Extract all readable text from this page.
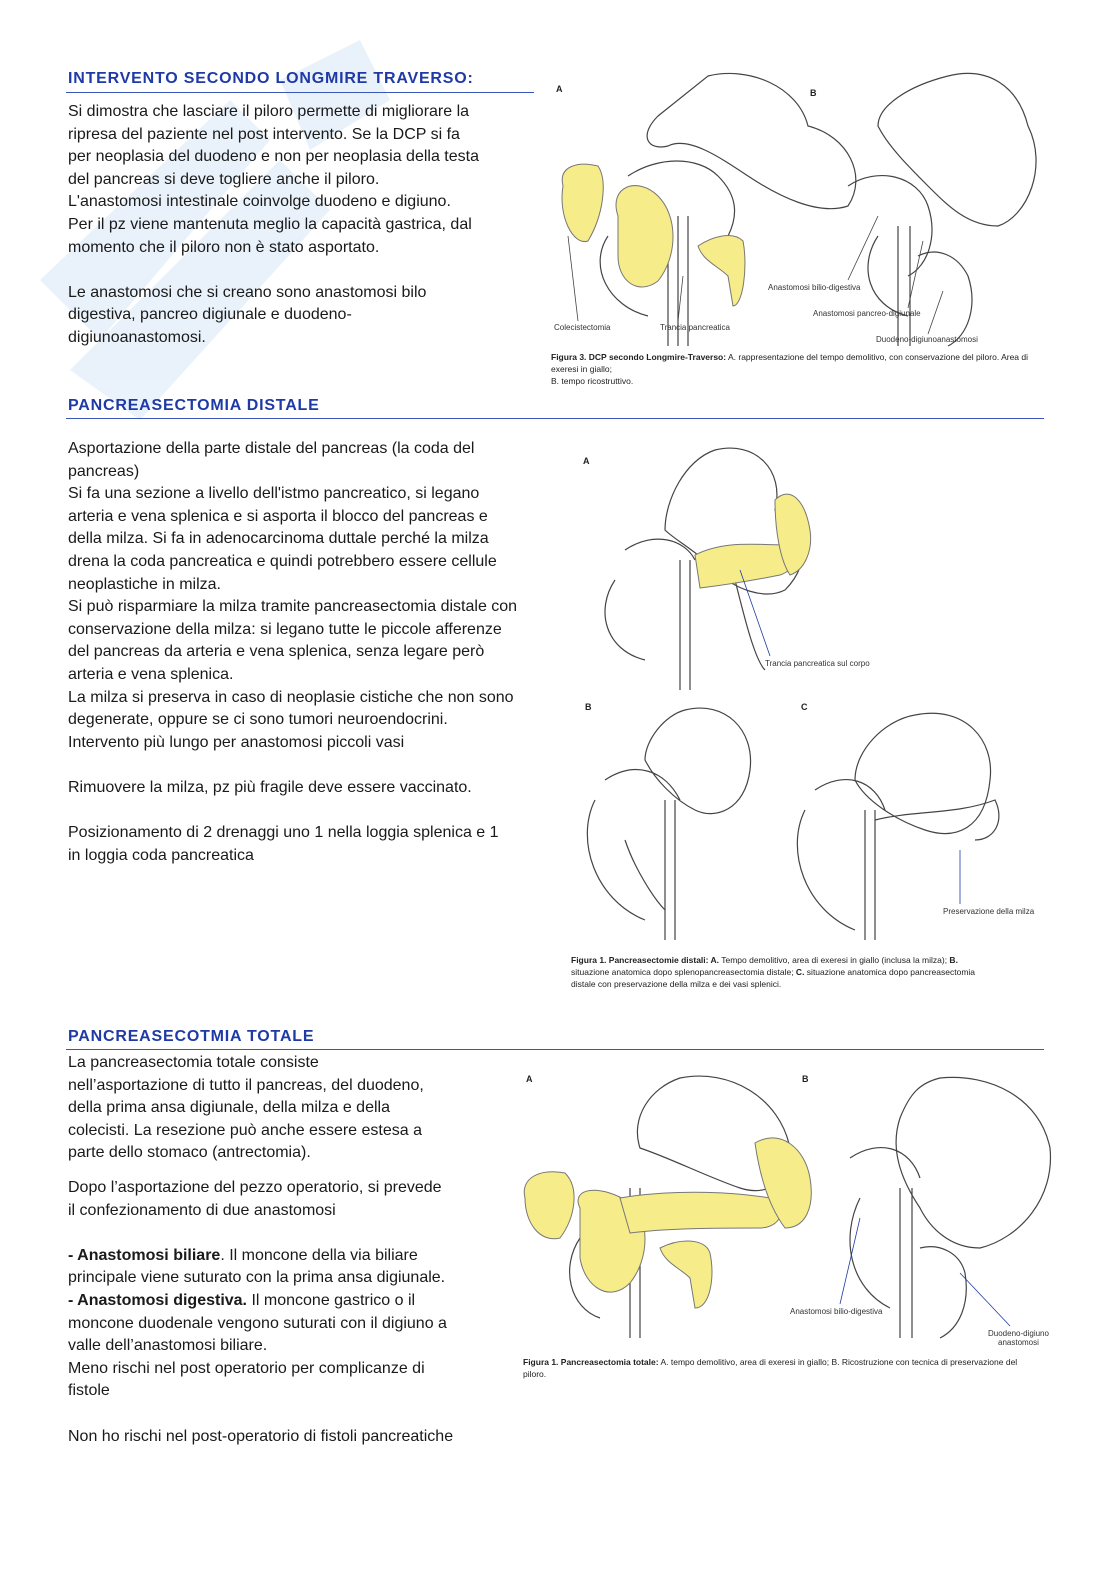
INTERVENTO SECONDO LONGMIRE TRAVERSO:

Si dimostra che lasciare il piloro permette di migliorare la

ripresa del paziente nel post intervento. Se la DCP si fa

per neoplasia del duodeno e non per neoplasia della testa

del pancreas si deve togliere anche il piloro.

L'anastomosi intestinale coinvolge duodeno e digiuno.

Per il pz viene mantenuta meglio la capacità gastrica, dal

momento che il piloro non è stato asportato.

Le anastomosi che si creano sono anastomosi bilo

digestiva, pancreo digiunale e duodeno-

digiunoanastomosi.

A
Colecistectomia	Trancia pancreatica
B
Anastomosi bilio-digestiva
Anastomosi pancreo-digiunale
Duodeno-digiunoanastomosi
Figura 3. DCP secondo Longmire-Traverso: A. rappresentazione del tempo demolitivo, con conservazione del piloro. Area di exeresi in giallo;
B. tempo ricostruttivo.
PANCREASECTOMIA DISTALE

Asportazione della parte distale del pancreas (la coda del

pancreas)

Si fa una sezione a livello dell'istmo pancreatico, si legano

arteria e vena splenica e si asporta il blocco del pancreas e

della milza. Si fa in adenocarcinoma duttale perché la milza

drena la coda pancreatica e quindi potrebbero essere cellule

neoplastiche in milza.

Si può risparmiare la milza tramite pancreasectomia distale con

conservazione della milza: si legano tutte le piccole afferenze

del pancreas da arteria e vena splenica, senza legare però

arteria e vena splenica.

La milza si preserva in caso di neoplasie cistiche che non sono

degenerate, oppure se ci sono tumori neuroendocrini.

Intervento più lungo per anastomosi piccoli vasi

Rimuovere la milza, pz più fragile deve essere vaccinato.

Posizionamento di 2 drenaggi uno 1 nella loggia splenica e 1

in loggia coda pancreatica

A
Trancia pancreatica sul corpo
B	C
Preservazione della milza
Figura 1. Pancreasectomie distali: A. Tempo demolitivo, area di exeresi in giallo (inclusa la milza); B.
situazione anatomica dopo splenopancreasectomia distale; C. situazione anatomica dopo pancreasectomia
distale con preservazione della milza e dei vasi splenici.
PANCREASECOTMIA TOTALE

La pancreasectomia totale consiste

nell’asportazione di tutto il pancreas, del duodeno,

della prima ansa digiunale, della milza e della

colecisti. La resezione può anche essere estesa a

parte dello stomaco (antrectomia).

Dopo l’asportazione del pezzo operatorio, si prevede

il confezionamento di due anastomosi

- Anastomosi biliare. Il moncone della via biliare

principale viene suturato con la prima ansa digiunale.

- Anastomosi digestiva. Il moncone gastrico o il

moncone duodenale vengono suturati con il digiuno a

valle dell’anastomosi biliare.

Meno rischi nel post operatorio per complicanze di

fistole

Non ho rischi nel post-operatorio di fistoli pancreatiche

A	B
Anastomosi bilio-digestiva
Duodeno-digiuno
anastomosi
Figura 1. Pancreasectomia totale: A. tempo demolitivo, area di exeresi in giallo; B. Ricostruzione con tecnica di preservazione del
piloro.
